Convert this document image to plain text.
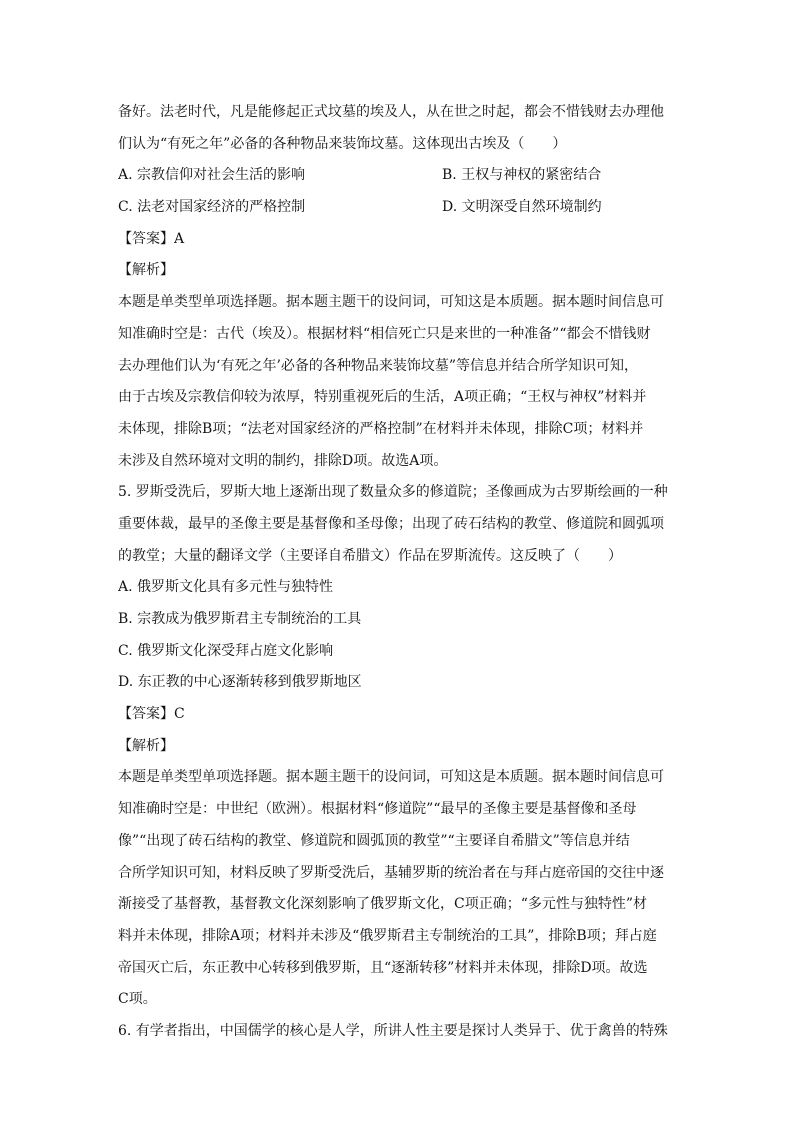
备好。法老时代，凡是能修起正式坟墓的埃及人，从在世之时起，都会不惜钱财去办理他
们认为“有死之年”必备的各种物品来装饰坟墓。这体现出古埃及（　　）
A. 宗教信仰对社会生活的影响	B. 王权与神权的紧密结合
C. 法老对国家经济的严格控制	D. 文明深受自然环境制约
【答案】A
【解析】
本题是单类型单项选择题。据本题主题干的设问词，可知这是本质题。据本题时间信息可
知准确时空是：古代（埃及）。根据材料“相信死亡只是来世的一种准备”“都会不惜钱财
去办理他们认为‘有死之年’必备的各种物品来装饰坟墓”等信息并结合所学知识可知，
由于古埃及宗教信仰较为浓厚，特别重视死后的生活，A项正确；“王权与神权”材料并
未体现，排除B项；“法老对国家经济的严格控制”在材料并未体现，排除C项；材料并
未涉及自然环境对文明的制约，排除D项。故选A项。
5. 罗斯受洗后，罗斯大地上逐渐出现了数量众多的修道院；圣像画成为古罗斯绘画的一种
重要体裁，最早的圣像主要是基督像和圣母像；出现了砖石结构的教堂、修道院和圆弧项
的教堂；大量的翻译文学（主要译自希腊文）作品在罗斯流传。这反映了（　　）
A. 俄罗斯文化具有多元性与独特性
B. 宗教成为俄罗斯君主专制统治的工具
C. 俄罗斯文化深受拜占庭文化影响
D. 东正教的中心逐渐转移到俄罗斯地区
【答案】C
【解析】
本题是单类型单项选择题。据本题主题干的设问词，可知这是本质题。据本题时间信息可
知准确时空是：中世纪（欧洲）。根据材料“修道院”“最早的圣像主要是基督像和圣母
像”“出现了砖石结构的教堂、修道院和圆弧顶的教堂”“主要译自希腊文”等信息并结
合所学知识可知，材料反映了罗斯受洗后，基辅罗斯的统治者在与拜占庭帝国的交往中逐
渐接受了基督教，基督教文化深刻影响了俄罗斯文化，C项正确；“多元性与独特性”材
料并未体现，排除A项；材料并未涉及“俄罗斯君主专制统治的工具”，排除B项；拜占庭
帝国灭亡后，东正教中心转移到俄罗斯，且“逐渐转移”材料并未体现，排除D项。故选
C项。
6. 有学者指出，中国儒学的核心是人学，所讲人性主要是探讨人类异于、优于禽兽的特殊
